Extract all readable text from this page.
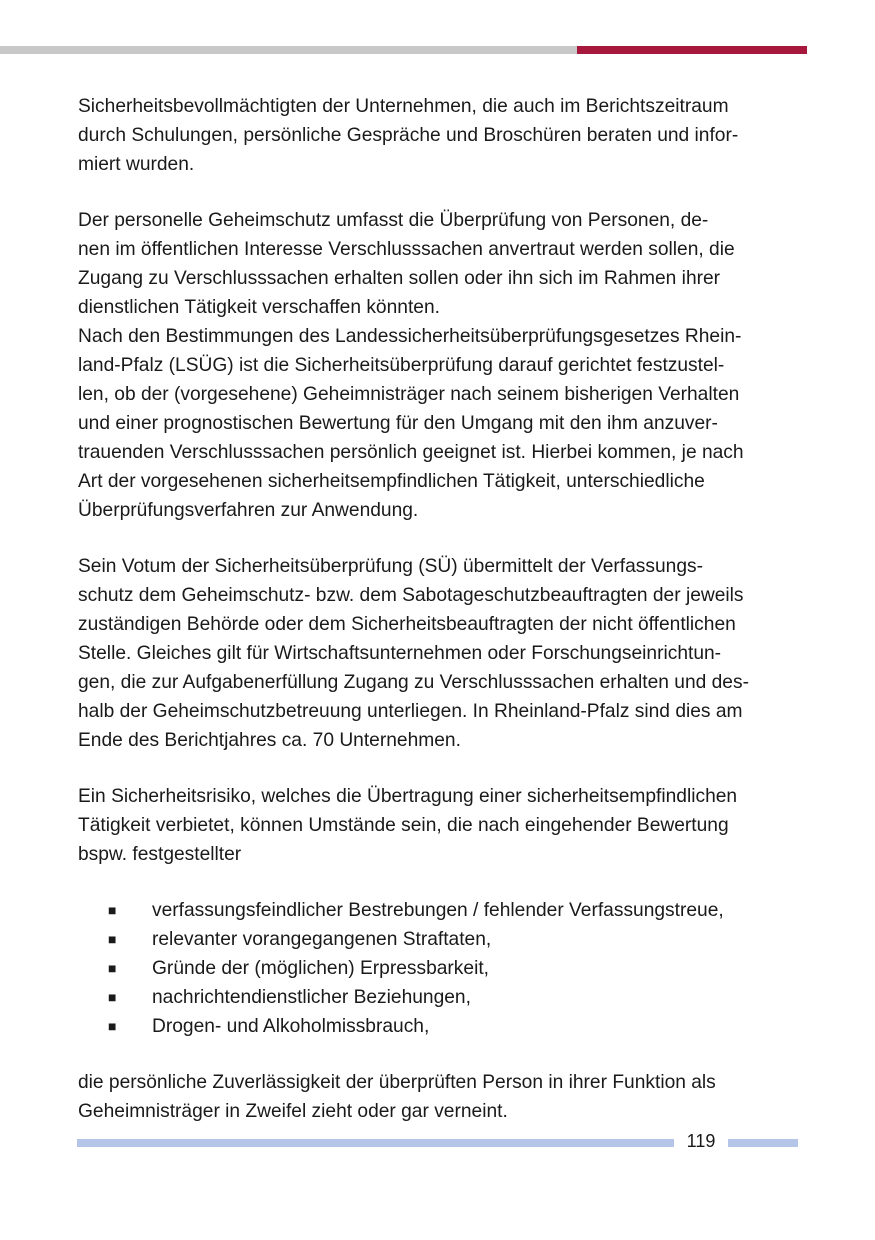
Sicherheitsbevollmächtigten der Unternehmen, die auch im Berichtszeitraum
durch Schulungen, persönliche Gespräche und Broschüren beraten und infor-
miert wurden.

Der personelle Geheimschutz umfasst die Überprüfung von Personen, de-
nen im öffentlichen Interesse Verschlusssachen anvertraut werden sollen, die
Zugang zu Verschlusssachen erhalten sollen oder ihn sich im Rahmen ihrer
dienstlichen Tätigkeit verschaffen könnten.

Nach den Bestimmungen des Landessicherheitsüberprüfungsgesetzes Rhein-
land-Pfalz (LSÜG) ist die Sicherheitsüberprüfung darauf gerichtet festzustel-
len, ob der (vorgesehene) Geheimnisträger nach seinem bisherigen Verhalten
und einer prognostischen Bewertung für den Umgang mit den ihm anzuver-
trauenden Verschlusssachen persönlich geeignet ist. Hierbei kommen, je nach
Art der vorgesehenen sicherheitsempfindlichen Tätigkeit, unterschiedliche
Überprüfungsverfahren zur Anwendung.

Sein Votum der Sicherheitsüberprüfung (SÜ) übermittelt der Verfassungs-
schutz dem Geheimschutz- bzw. dem Sabotageschutzbeauftragten der jeweils
zuständigen Behörde oder dem Sicherheitsbeauftragten der nicht öffentlichen
Stelle. Gleiches gilt für Wirtschaftsunternehmen oder Forschungseinrichtun-
gen, die zur Aufgabenerfüllung Zugang zu Verschlusssachen erhalten und des-
halb der Geheimschutzbetreuung unterliegen. In Rheinland-Pfalz sind dies am
Ende des Berichtjahres ca. 70 Unternehmen.

Ein Sicherheitsrisiko, welches die Übertragung einer sicherheitsempfindlichen
Tätigkeit verbietet, können Umstände sein, die nach eingehender Bewertung
bspw. festgestellter

■ verfassungsfeindlicher Bestrebungen / fehlender Verfassungstreue,
■ relevanter vorangegangenen Straftaten,
■ Gründe der (möglichen) Erpressbarkeit,
■ nachrichtendienstlicher Beziehungen,
■ Drogen- und Alkoholmissbrauch,

die persönliche Zuverlässigkeit der überprüften Person in ihrer Funktion als
Geheimnisträger in Zweifel zieht oder gar verneint.

119
